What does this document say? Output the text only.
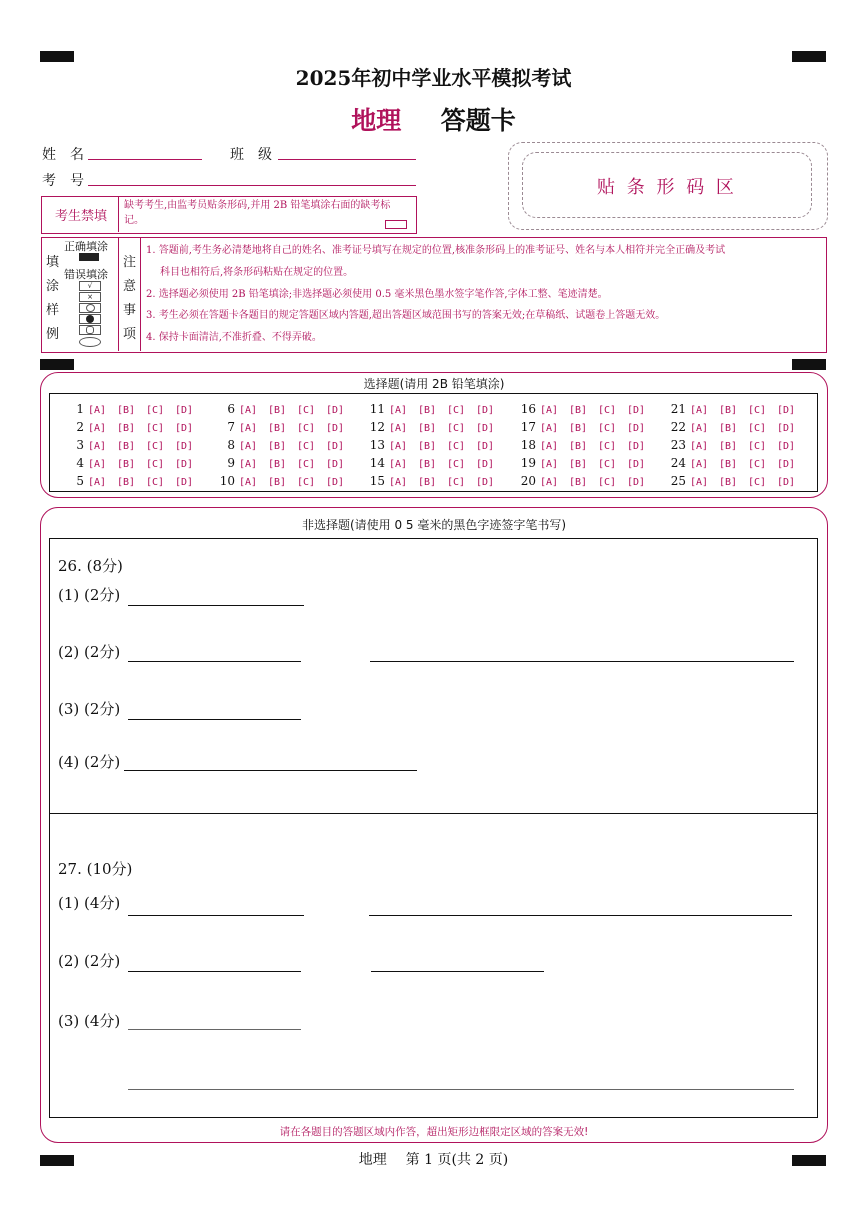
2025年初中学业水平模拟考试
地理 答题卡
姓　名	班　级
考　号	贴 条 形 码 区
考生禁填
缺考考生,由监考员贴条形码,并用 2B 铅笔填涂右面的缺考标记。
填
涂
样
例
正确填涂
错误填涂
√
×
注
意
事
项
1. 答题前,考生务必清楚地将自己的姓名、准考证号填写在规定的位置,核准条形码上的准考证号、姓名与本人相符并完全正确及考试
科目也相符后,将条形码粘贴在规定的位置。
2. 选择题必须使用 2B 铅笔填涂;非选择题必须使用 0.5 毫米黑色墨水签字笔作答,字体工整、笔迹清楚。
3. 考生必须在答题卡各题目的规定答题区域内答题,超出答题区域范围书写的答案无效;在草稿纸、试题卷上答题无效。
4. 保持卡面清洁,不准折叠、不得弄破。
选择题(请用 2B 铅笔填涂)
1 [A] [B] [C] [D]
2 [A] [B] [C] [D]
3 [A] [B] [C] [D]
4 [A] [B] [C] [D]
5 [A] [B] [C] [D]
6 [A] [B] [C] [D]
7 [A] [B] [C] [D]
8 [A] [B] [C] [D]
9 [A] [B] [C] [D]
10 [A] [B] [C] [D]
11 [A] [B] [C] [D]
12 [A] [B] [C] [D]
13 [A] [B] [C] [D]
14 [A] [B] [C] [D]
15 [A] [B] [C] [D]
16 [A] [B] [C] [D]
17 [A] [B] [C] [D]
18 [A] [B] [C] [D]
19 [A] [B] [C] [D]
20 [A] [B] [C] [D]
21 [A] [B] [C] [D]
22 [A] [B] [C] [D]
23 [A] [B] [C] [D]
24 [A] [B] [C] [D]
25 [A] [B] [C] [D]
非选择题(请使用 0 5 毫米的黑色字迹签字笔书写)
26. (8分)
(1) (2分)
(2) (2分)
(3) (2分)
(4) (2分)
27. (10分)
(1) (4分)
(2) (2分)
(3) (4分)
请在各题目的答题区域内作答，超出矩形边框限定区域的答案无效!
地理 第 1 页(共 2 页)
